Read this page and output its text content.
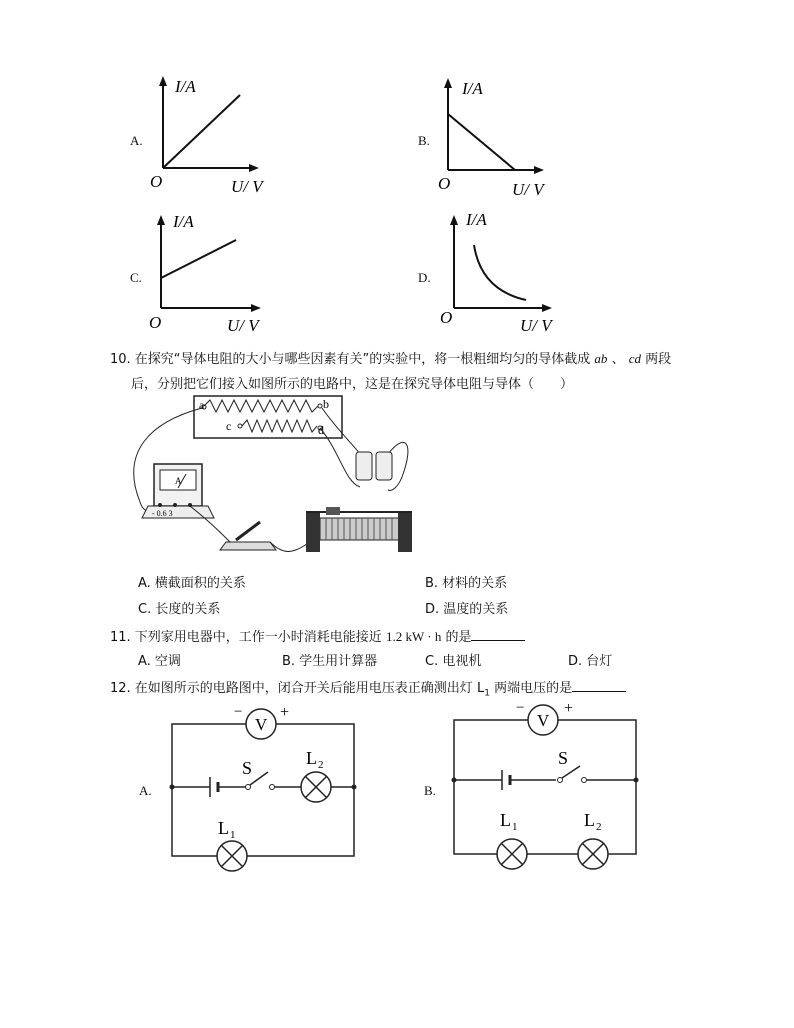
A.
I/A
O	U/ V
B.
I/A
O	U/ V
C.
I/A
O	U/ V
D.
I/A
O	U/ V
10. 在探究“导体电阻的大小与哪些因素有关”的实验中，将一根粗细均匀的导体截成 ab 、 cd 两段
后，分别把它们接入如图所示的电路中，这是在探究导体电阻与导体（　　）
a	b
c	d
A
- 0.6 3
A. 横截面积的关系	B. 材料的关系
C. 长度的关系	D. 温度的关系
11. 下列家用电器中，工作一小时消耗电能接近 1.2 kW · h 的是
A. 空调	B. 学生用计算器	C. 电视机	D. 台灯
12. 在如图所示的电路图中，闭合开关后能用电压表正确测出灯 $L_1$ 两端电压的是
A.
V
− +
S	L 2
L 1
B.
V
− +
S
L 1	L 2
